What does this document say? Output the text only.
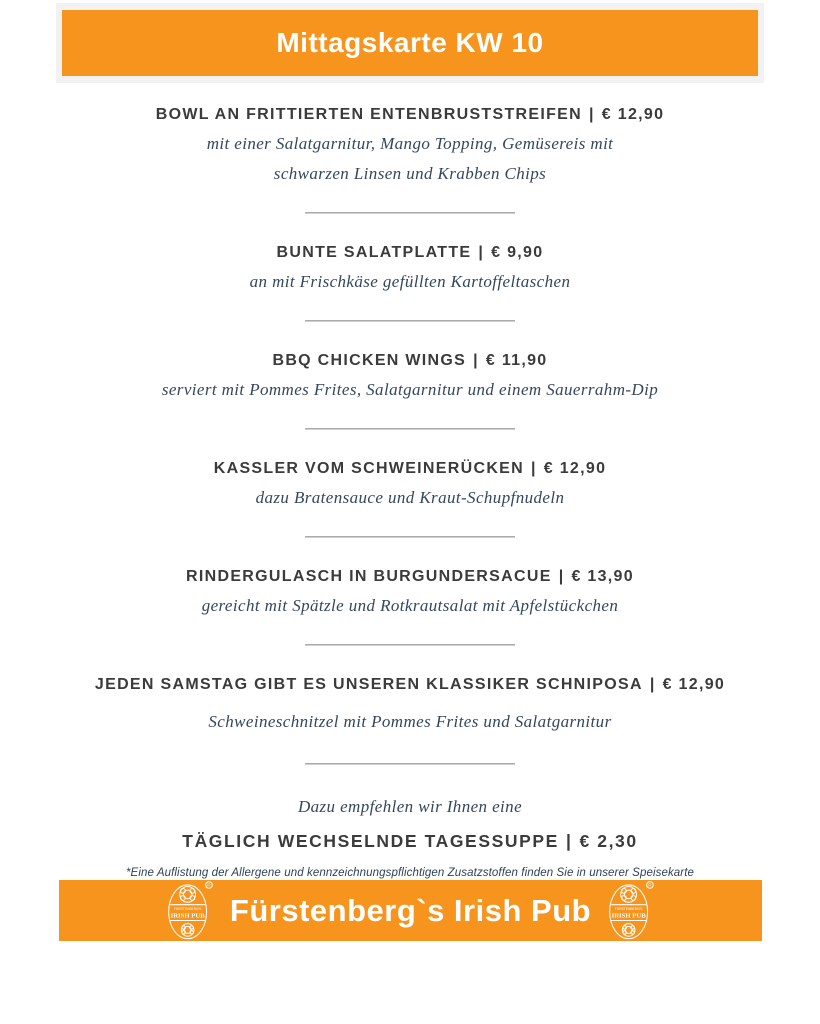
Mittagskarte KW 10
BOWL AN FRITTIERTEN ENTENBRUSTSTREIFEN | € 12,90
mit einer Salatgarnitur, Mango Topping, Gemüsereis mit
schwarzen Linsen und Krabben Chips
BUNTE SALATPLATTE | € 9,90
an mit Frischkäse gefüllten Kartoffeltaschen
BBQ CHICKEN WINGS | € 11,90
serviert mit Pommes Frites, Salatgarnitur und einem Sauerrahm-Dip
KASSLER VOM SCHWEINERÜCKEN | € 12,90
dazu Bratensauce und Kraut-Schupfnudeln
RINDERGULASCH IN BURGUNDERSACUE | € 13,90
gereicht mit Spätzle und Rotkrautsalat mit Apfelstückchen
JEDEN SAMSTAG GIBT ES UNSEREN KLASSIKER SCHNIPOSA | € 12,90
Schweineschnitzel mit Pommes Frites und Salatgarnitur
Dazu empfehlen wir Ihnen eine
TÄGLICH WECHSELNDE TAGESSUPPE | € 2,30
*Eine Auflistung der Allergene und kennzeichnungspflichtigen Zusatzstoffen finden Sie in unserer Speisekarte
FÜRSTENBERG'S
IRISH PUB
R
Fürstenberg`s Irish Pub	FÜRSTENBERG'S
IRISH PUB
R
